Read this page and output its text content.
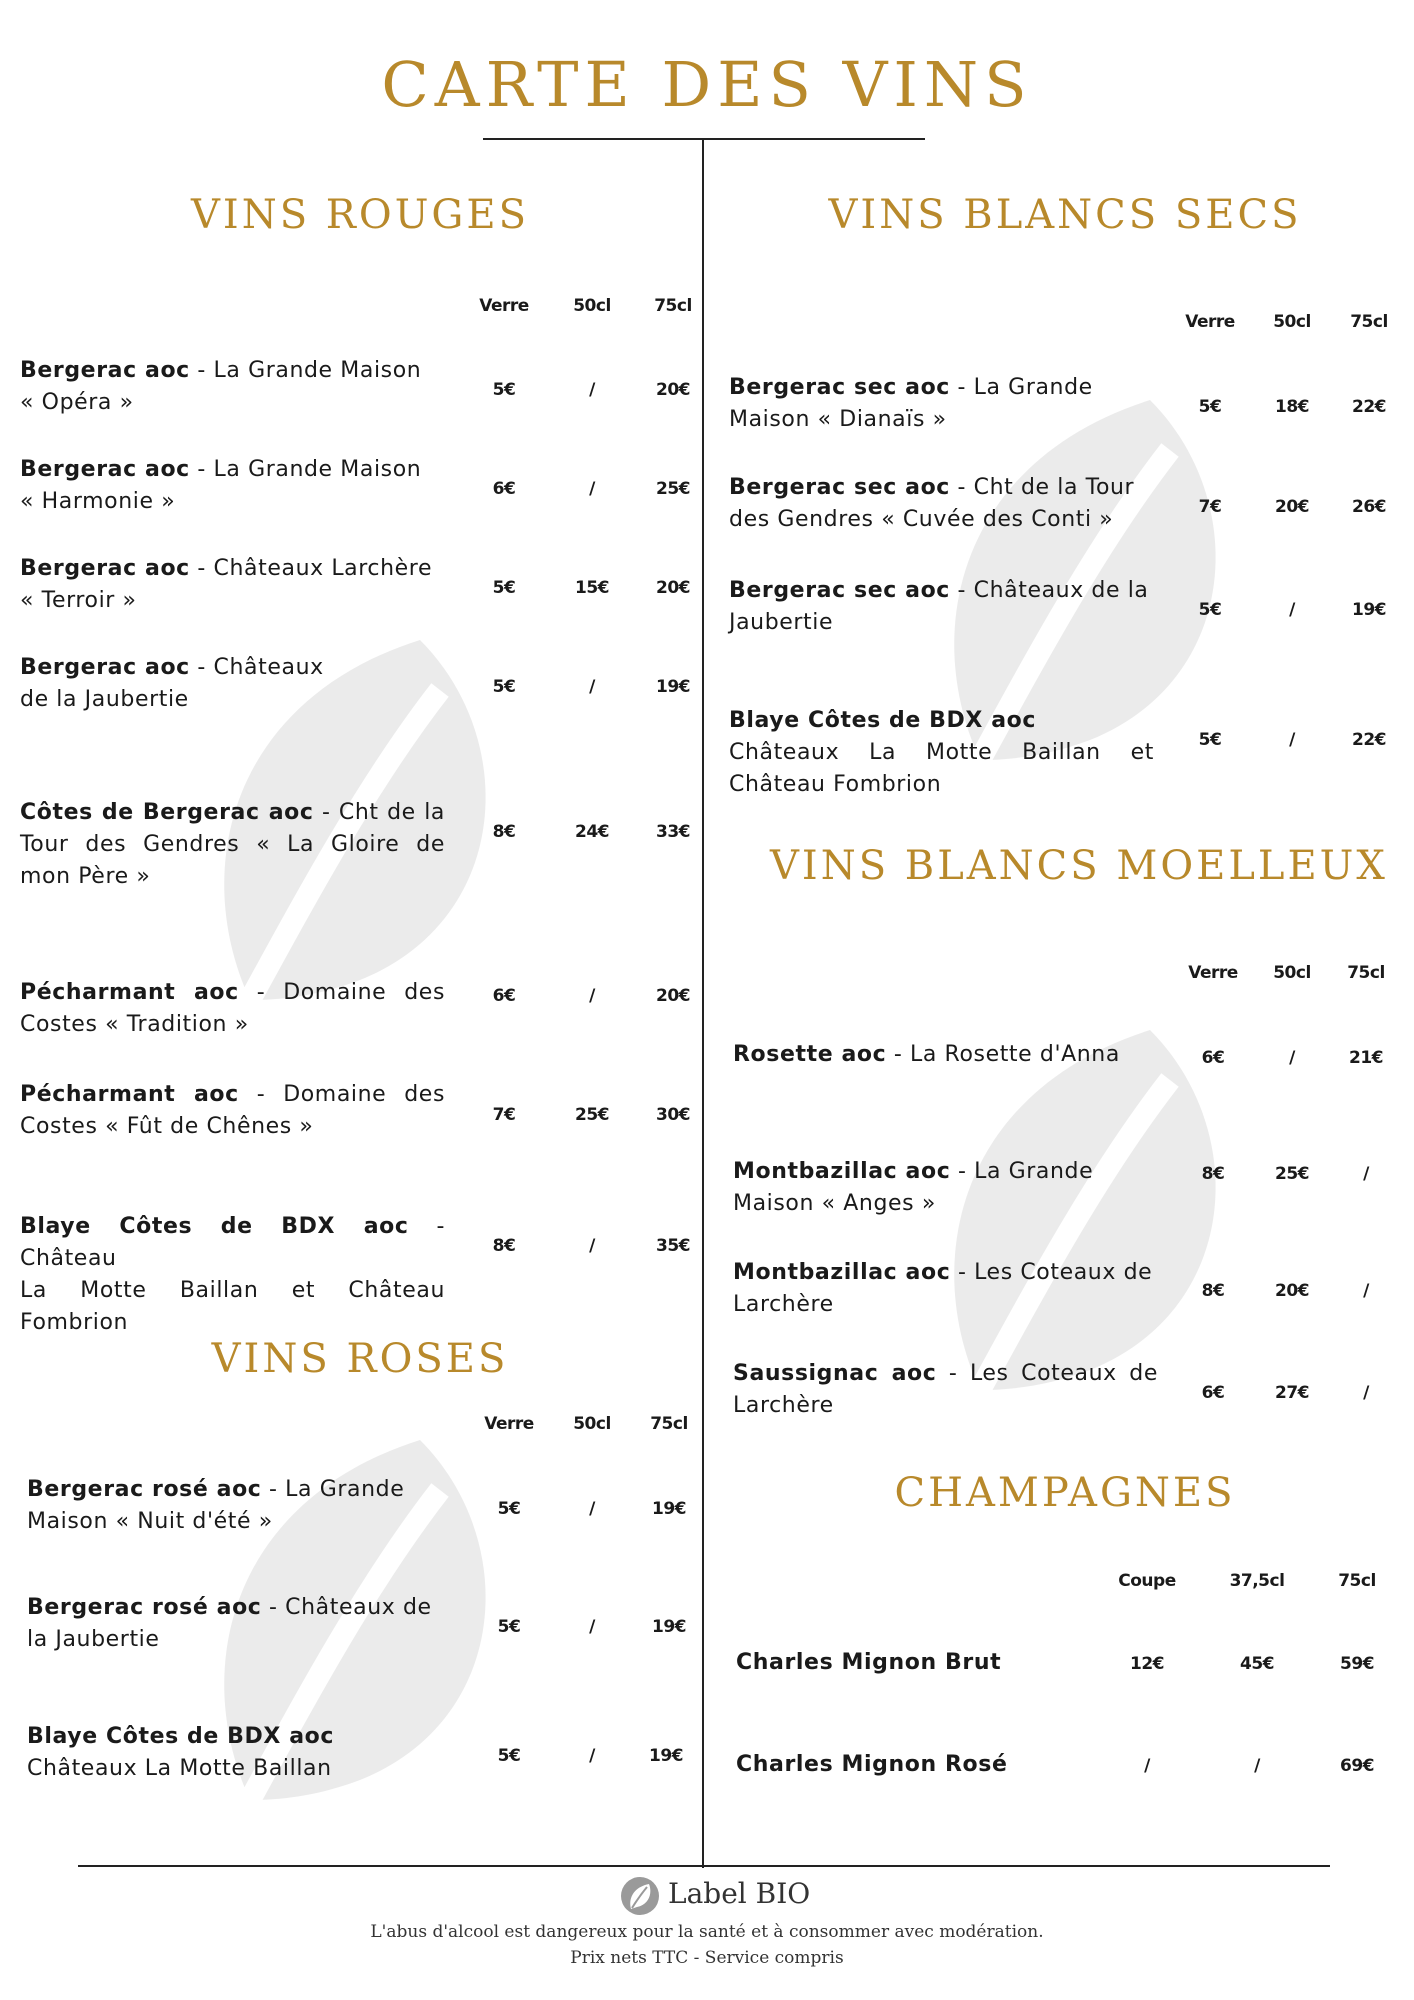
CARTE DES VINS
VINS ROUGES
Verre	50cl	75cl
Bergerac aoc - La Grande Maison
« Opéra »	5€	/	20€
Bergerac aoc - La Grande Maison
« Harmonie »	6€	/	25€
Bergerac aoc - Châteaux Larchère
« Terroir »	5€	15€	20€
Bergerac aoc - Châteaux
de la Jaubertie	5€	/	19€
Côtes de Bergerac aoc - Cht de la
Tour des Gendres « La Gloire de
mon Père »
8€	24€	33€
Pécharmant aoc - Domaine des
Costes « Tradition »
6€	/	20€
Pécharmant aoc - Domaine des
Costes « Fût de Chênes »	7€	25€	30€
Blaye Côtes de BDX aoc - Château
La Motte Baillan et Château
Fombrion
8€	/	35€
VINS ROSES
Verre	50cl	75cl
Bergerac rosé aoc - La Grande
Maison « Nuit d'été »	5€	/	19€
Bergerac rosé aoc - Châteaux de
la Jaubertie	5€	/	19€
Blaye Côtes de BDX aoc
Châteaux La Motte Baillan	5€	/	19€
VINS BLANCS SECS
Verre	50cl	75cl
Bergerac sec aoc - La Grande
Maison « Dianaïs »	5€	18€	22€
Bergerac sec aoc - Cht de la Tour
des Gendres « Cuvée des Conti »	7€	20€	26€
Bergerac sec aoc - Châteaux de la
Jaubertie	5€	/	19€
Blaye Côtes de BDX aoc
Châteaux La Motte Baillan et
Château Fombrion
5€	/	22€
VINS BLANCS MOELLEUX
Verre	50cl	75cl
Rosette aoc - La Rosette d'Anna	6€	/	21€
Montbazillac aoc - La Grande
Maison « Anges »
8€	25€	/
Montbazillac aoc - Les Coteaux de
Larchère
8€	20€	/
Saussignac aoc - Les Coteaux de
Larchère	6€	27€	/
CHAMPAGNES
Coupe	37,5cl	75cl
Charles Mignon Brut	12€	45€	59€
Charles Mignon Rosé	/	/	69€
Label BIO
L'abus d'alcool est dangereux pour la santé et à consommer avec modération.
Prix nets TTC - Service compris
